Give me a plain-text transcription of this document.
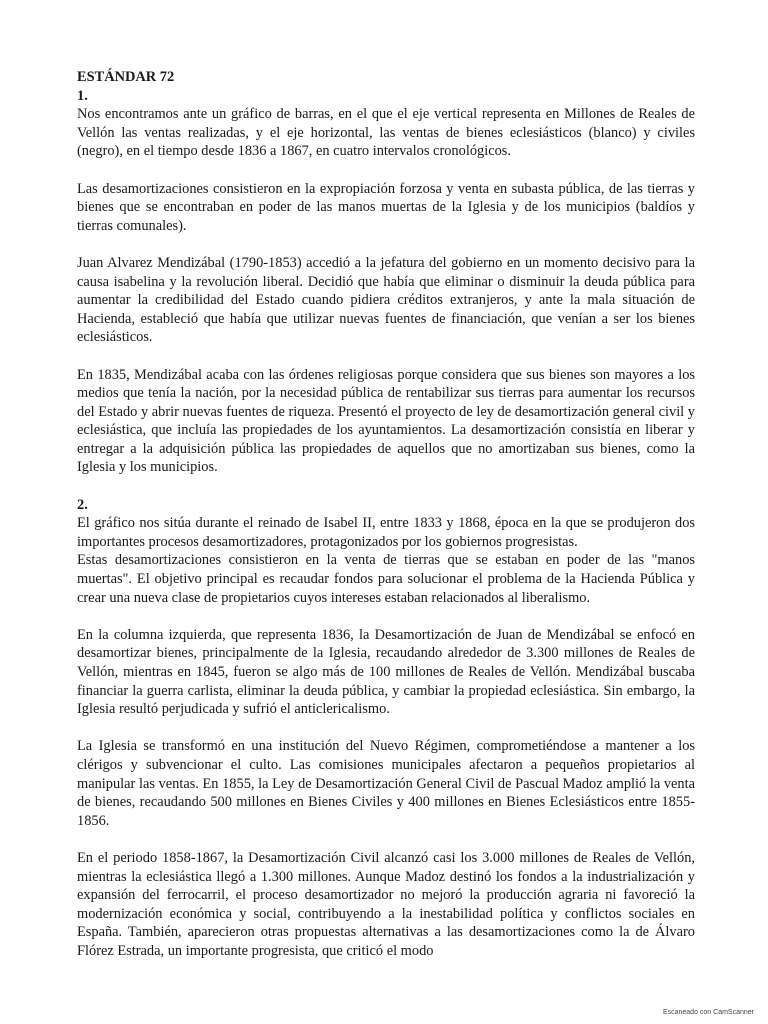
ESTÁNDAR 72
1.

Nos encontramos ante un gráfico de barras, en el que el eje vertical representa en Millones de Reales de Vellón las ventas realizadas, y el eje horizontal, las ventas de bienes eclesiásticos (blanco) y civiles (negro), en el tiempo desde 1836 a 1867, en cuatro intervalos cronológicos.

Las desamortizaciones consistieron en la expropiación forzosa y venta en subasta pública, de las tierras y bienes que se encontraban en poder de las manos muertas de la Iglesia y de los municipios (baldíos y tierras comunales).

Juan Alvarez Mendizábal (1790-1853) accedió a la jefatura del gobierno en un momento decisivo para la causa isabelina y la revolución liberal. Decidió que había que eliminar o disminuir la deuda pública para aumentar la credibilidad del Estado cuando pidiera créditos extranjeros, y ante la mala situación de Hacienda, estableció que había que utilizar nuevas fuentes de financiación, que venían a ser los bienes eclesiásticos.

En 1835, Mendizábal acaba con las órdenes religiosas porque considera que sus bienes son mayores a los medios que tenía la nación, por la necesidad pública de rentabilizar sus tierras para aumentar los recursos del Estado y abrir nuevas fuentes de riqueza. Presentó el proyecto de ley de desamortización general civil y eclesiástica, que incluía las propiedades de los ayuntamientos. La desamortización consistía en liberar y entregar a la adquisición pública las propiedades de aquellos que no amortizaban sus bienes, como la Iglesia y los municipios.

2.

El gráfico nos sitúa durante el reinado de Isabel II, entre 1833 y 1868, época en la que se produjeron dos importantes procesos desamortizadores, protagonizados por los gobiernos progresistas.

Estas desamortizaciones consistieron en la venta de tierras que se estaban en poder de las "manos muertas". El objetivo principal es recaudar fondos para solucionar el problema de la Hacienda Pública y crear una nueva clase de propietarios cuyos intereses estaban relacionados al liberalismo.

En la columna izquierda, que representa 1836, la Desamortización de Juan de Mendizábal se enfocó en desamortizar bienes, principalmente de la Iglesia, recaudando alrededor de 3.300 millones de Reales de Vellón, mientras en 1845, fueron se algo más de 100 millones de Reales de Vellón. Mendizábal buscaba financiar la guerra carlista, eliminar la deuda pública, y cambiar la propiedad eclesiástica. Sin embargo, la Iglesia resultó perjudicada y sufrió el anticlericalismo.

La Iglesia se transformó en una institución del Nuevo Régimen, comprometiéndose a mantener a los clérigos y subvencionar el culto. Las comisiones municipales afectaron a pequeños propietarios al manipular las ventas. En 1855, la Ley de Desamortización General Civil de Pascual Madoz amplió la venta de bienes, recaudando 500 millones en Bienes Civiles y 400 millones en Bienes Eclesiásticos entre 1855-1856.

En el periodo 1858-1867, la Desamortización Civil alcanzó casi los 3.000 millones de Reales de Vellón, mientras la eclesiástica llegó a 1.300 millones. Aunque Madoz destinó los fondos a la industrialización y expansión del ferrocarril, el proceso desamortizador no mejoró la producción agraria ni favoreció la modernización económica y social, contribuyendo a la inestabilidad política y conflictos sociales en España. También, aparecieron otras propuestas alternativas a las desamortizaciones como la de Álvaro Flórez Estrada, un importante progresista, que criticó el modo

Escaneado con CamScanner
